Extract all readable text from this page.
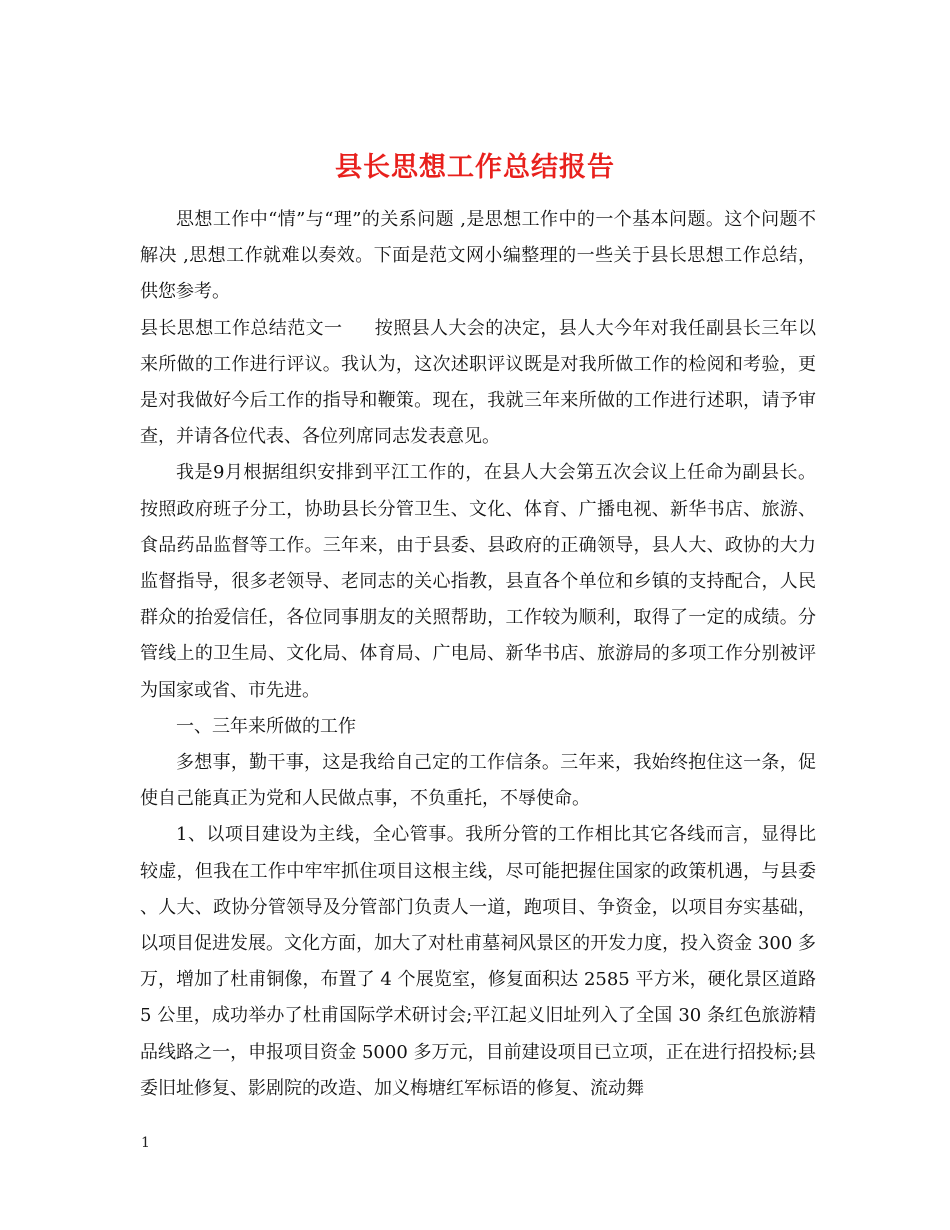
县长思想工作总结报告

思想工作中“情”与“理”的关系问题 ,是思想工作中的一个基本问题。这个问题不解决 ,思想工作就难以奏效。下面是范文网小编整理的一些关于县长思想工作总结，供您参考。

县长思想工作总结范文一 按照县人大会的决定，县人大今年对我任副县长三年以来所做的工作进行评议。我认为，这次述职评议既是对我所做工作的检阅和考验，更是对我做好今后工作的指导和鞭策。现在，我就三年来所做的工作进行述职，请予审查，并请各位代表、各位列席同志发表意见。

我是9月根据组织安排到平江工作的，在县人大会第五次会议上任命为副县长。按照政府班子分工，协助县长分管卫生、文化、体育、广播电视、新华书店、旅游、食品药品监督等工作。三年来，由于县委、县政府的正确领导，县人大、政协的大力监督指导，很多老领导、老同志的关心指教，县直各个单位和乡镇的支持配合，人民群众的抬爱信任，各位同事朋友的关照帮助，工作较为顺利，取得了一定的成绩。分管线上的卫生局、文化局、体育局、广电局、新华书店、旅游局的多项工作分别被评为国家或省、市先进。

一、三年来所做的工作

多想事，勤干事，这是我给自己定的工作信条。三年来，我始终抱住这一条，促使自己能真正为党和人民做点事，不负重托，不辱使命。

1、以项目建设为主线，全心管事。我所分管的工作相比其它各线而言，显得比较虚，但我在工作中牢牢抓住项目这根主线，尽可能把握住国家的政策机遇，与县委、人大、政协分管领导及分管部门负责人一道，跑项目、争资金，以项目夯实基础，以项目促进发展。文化方面，加大了对杜甫墓祠风景区的开发力度，投入资金 300 多万，增加了杜甫铜像，布置了 4 个展览室，修复面积达 2585 平方米，硬化景区道路 5 公里，成功举办了杜甫国际学术研讨会;平江起义旧址列入了全国 30 条红色旅游精品线路之一，申报项目资金 5000 多万元，目前建设项目已立项，正在进行招投标;县委旧址修复、影剧院的改造、加义梅塘红军标语的修复、流动舞

1
